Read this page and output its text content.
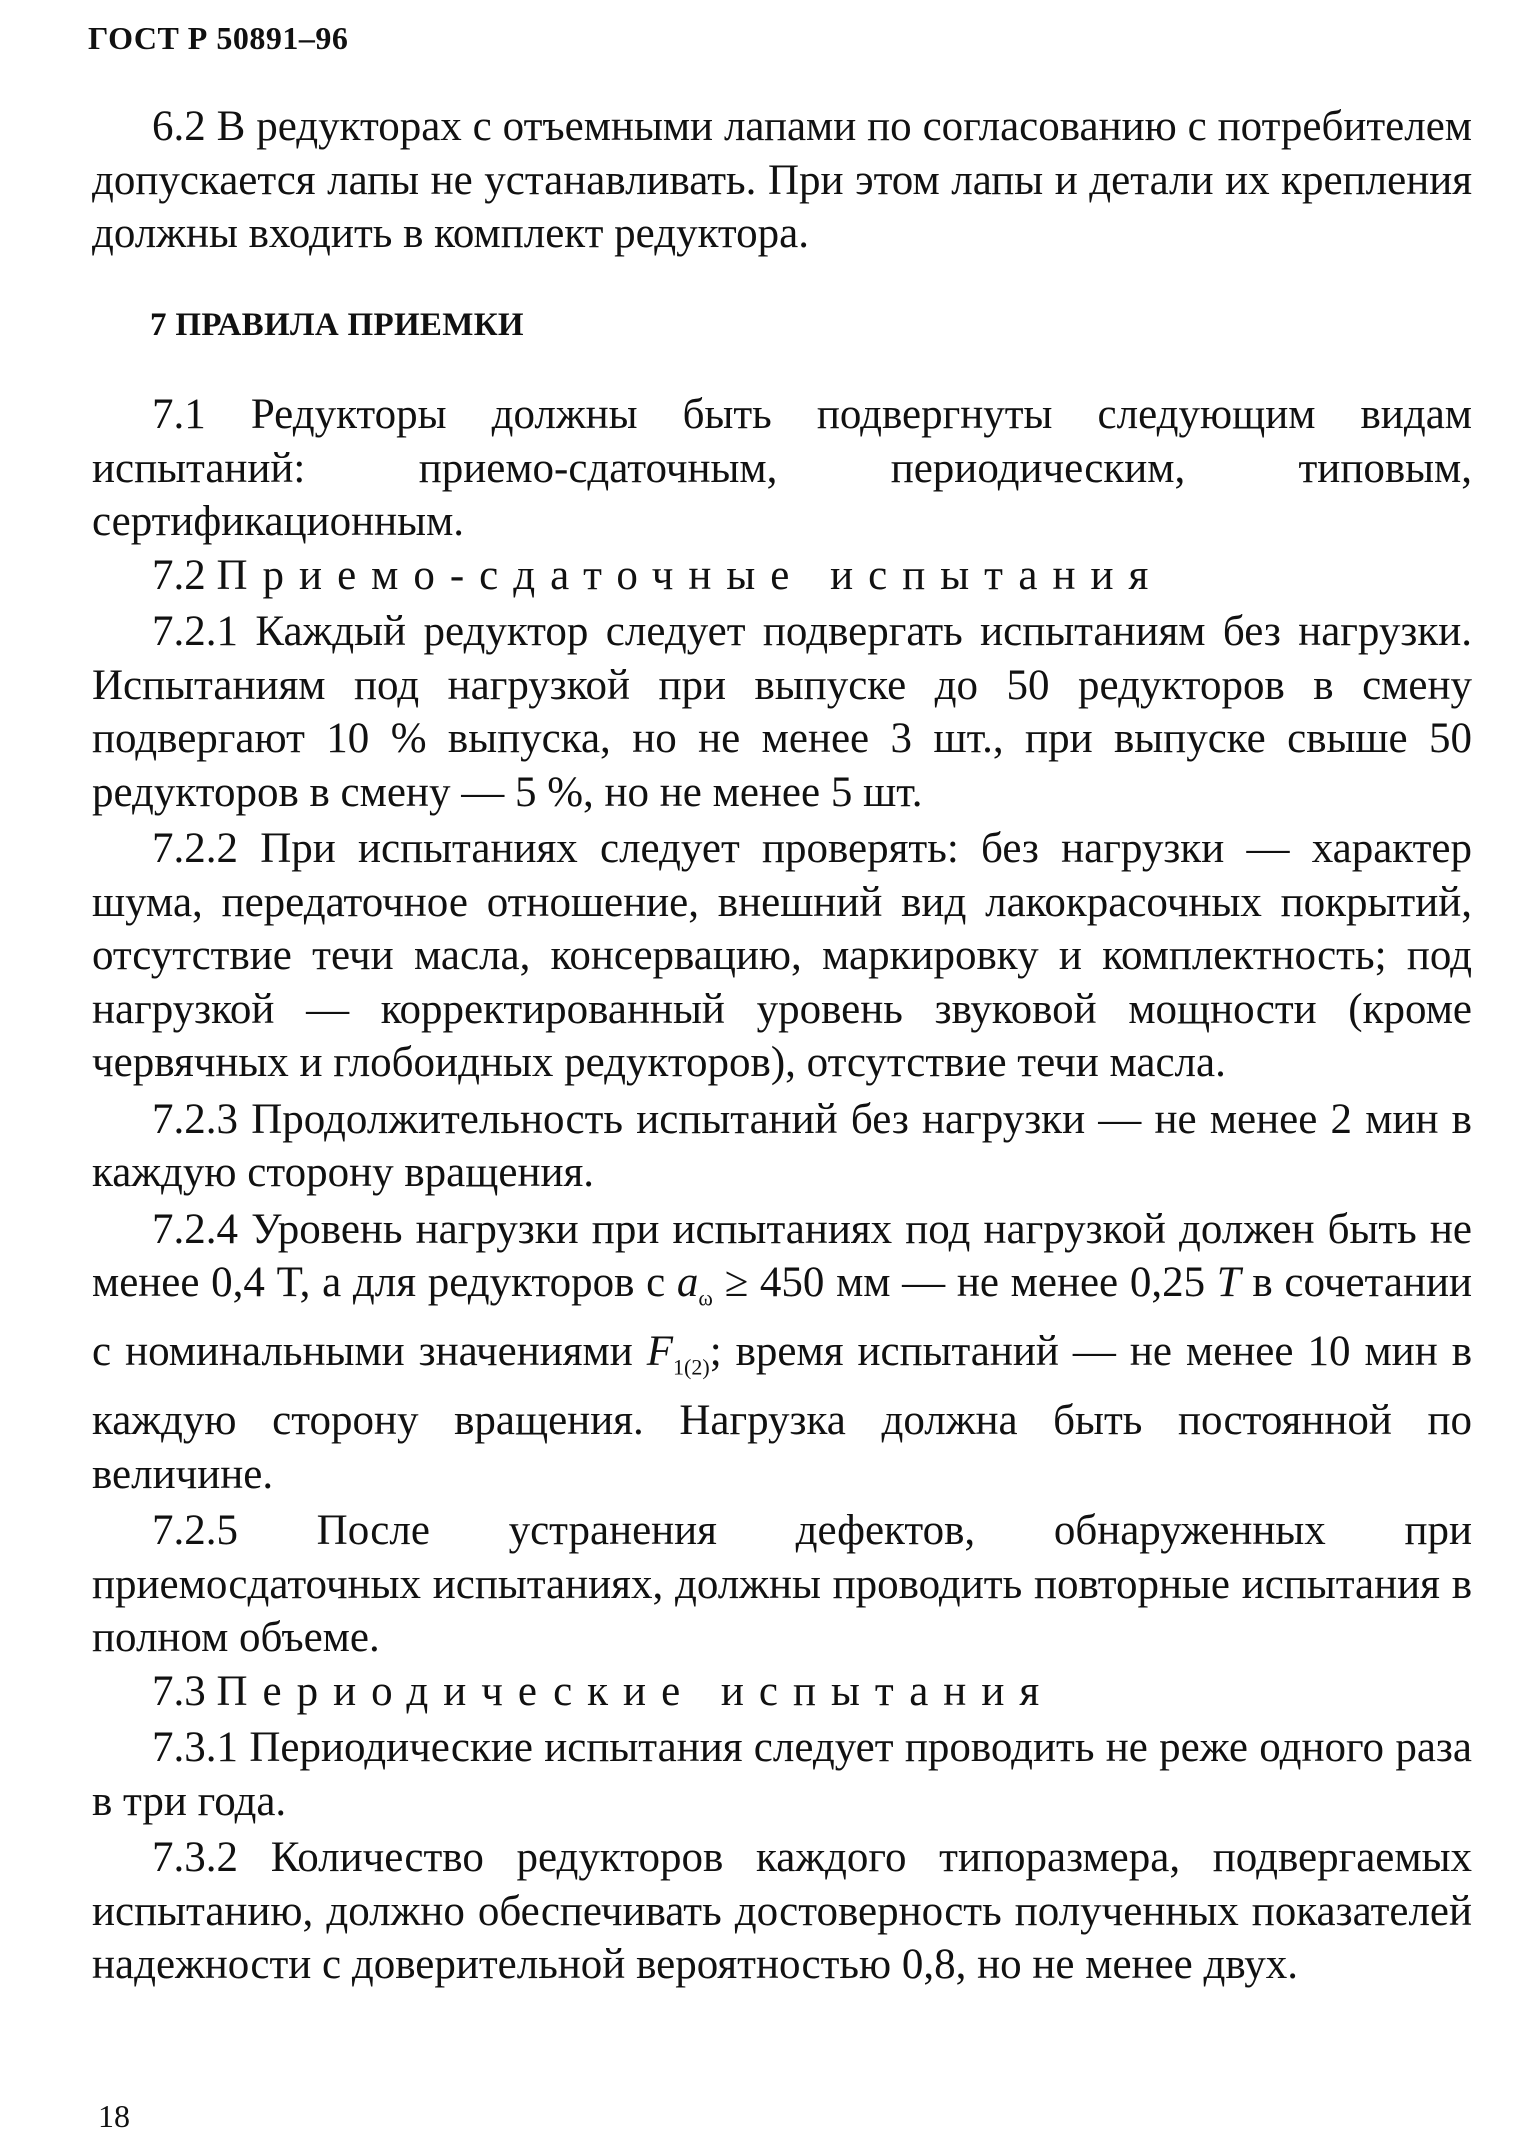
ГОСТ Р 50891–96

6.2 В редукторах с отъемными лапами по согласованию с потребителем допускается лапы не устанавливать. При этом лапы и детали их крепления должны входить в комплект редуктора.

7 ПРАВИЛА ПРИЕМКИ

7.1 Редукторы должны быть подвергнуты следующим видам испытаний: приемо-сдаточным, периодическим, типовым, сертификационным.

7.2 Приемо-сдаточные испытания

7.2.1 Каждый редуктор следует подвергать испытаниям без нагрузки. Испытаниям под нагрузкой при выпуске до 50 редукторов в смену подвергают 10 % выпуска, но не менее 3 шт., при выпуске свыше 50 редукторов в смену — 5 %, но не менее 5 шт.

7.2.2 При испытаниях следует проверять: без нагрузки — характер шума, передаточное отношение, внешний вид лакокрасочных покрытий, отсутствие течи масла, консервацию, маркировку и комплектность; под нагрузкой — корректированный уровень звуковой мощности (кроме червячных и глобоидных редукторов), отсутствие течи масла.

7.2.3 Продолжительность испытаний без нагрузки — не менее 2 мин в каждую сторону вращения.

7.2.4 Уровень нагрузки при испытаниях под нагрузкой должен быть не менее 0,4 T, а для редукторов с $a_\omega \ge 450$ мм — не менее 0,25 T в сочетании с номинальными значениями $F_{1(2)}$; время испытаний — не менее 10 мин в каждую сторону вращения. Нагрузка должна быть постоянной по величине.

7.2.5 После устранения дефектов, обнаруженных при приемосдаточных испытаниях, должны проводить повторные испытания в полном объеме.

7.3 Периодические испытания

7.3.1 Периодические испытания следует проводить не реже одного раза в три года.

7.3.2 Количество редукторов каждого типоразмера, подвергаемых испытанию, должно обеспечивать достоверность полученных показателей надежности с доверительной вероятностью 0,8, но не менее двух.

18
